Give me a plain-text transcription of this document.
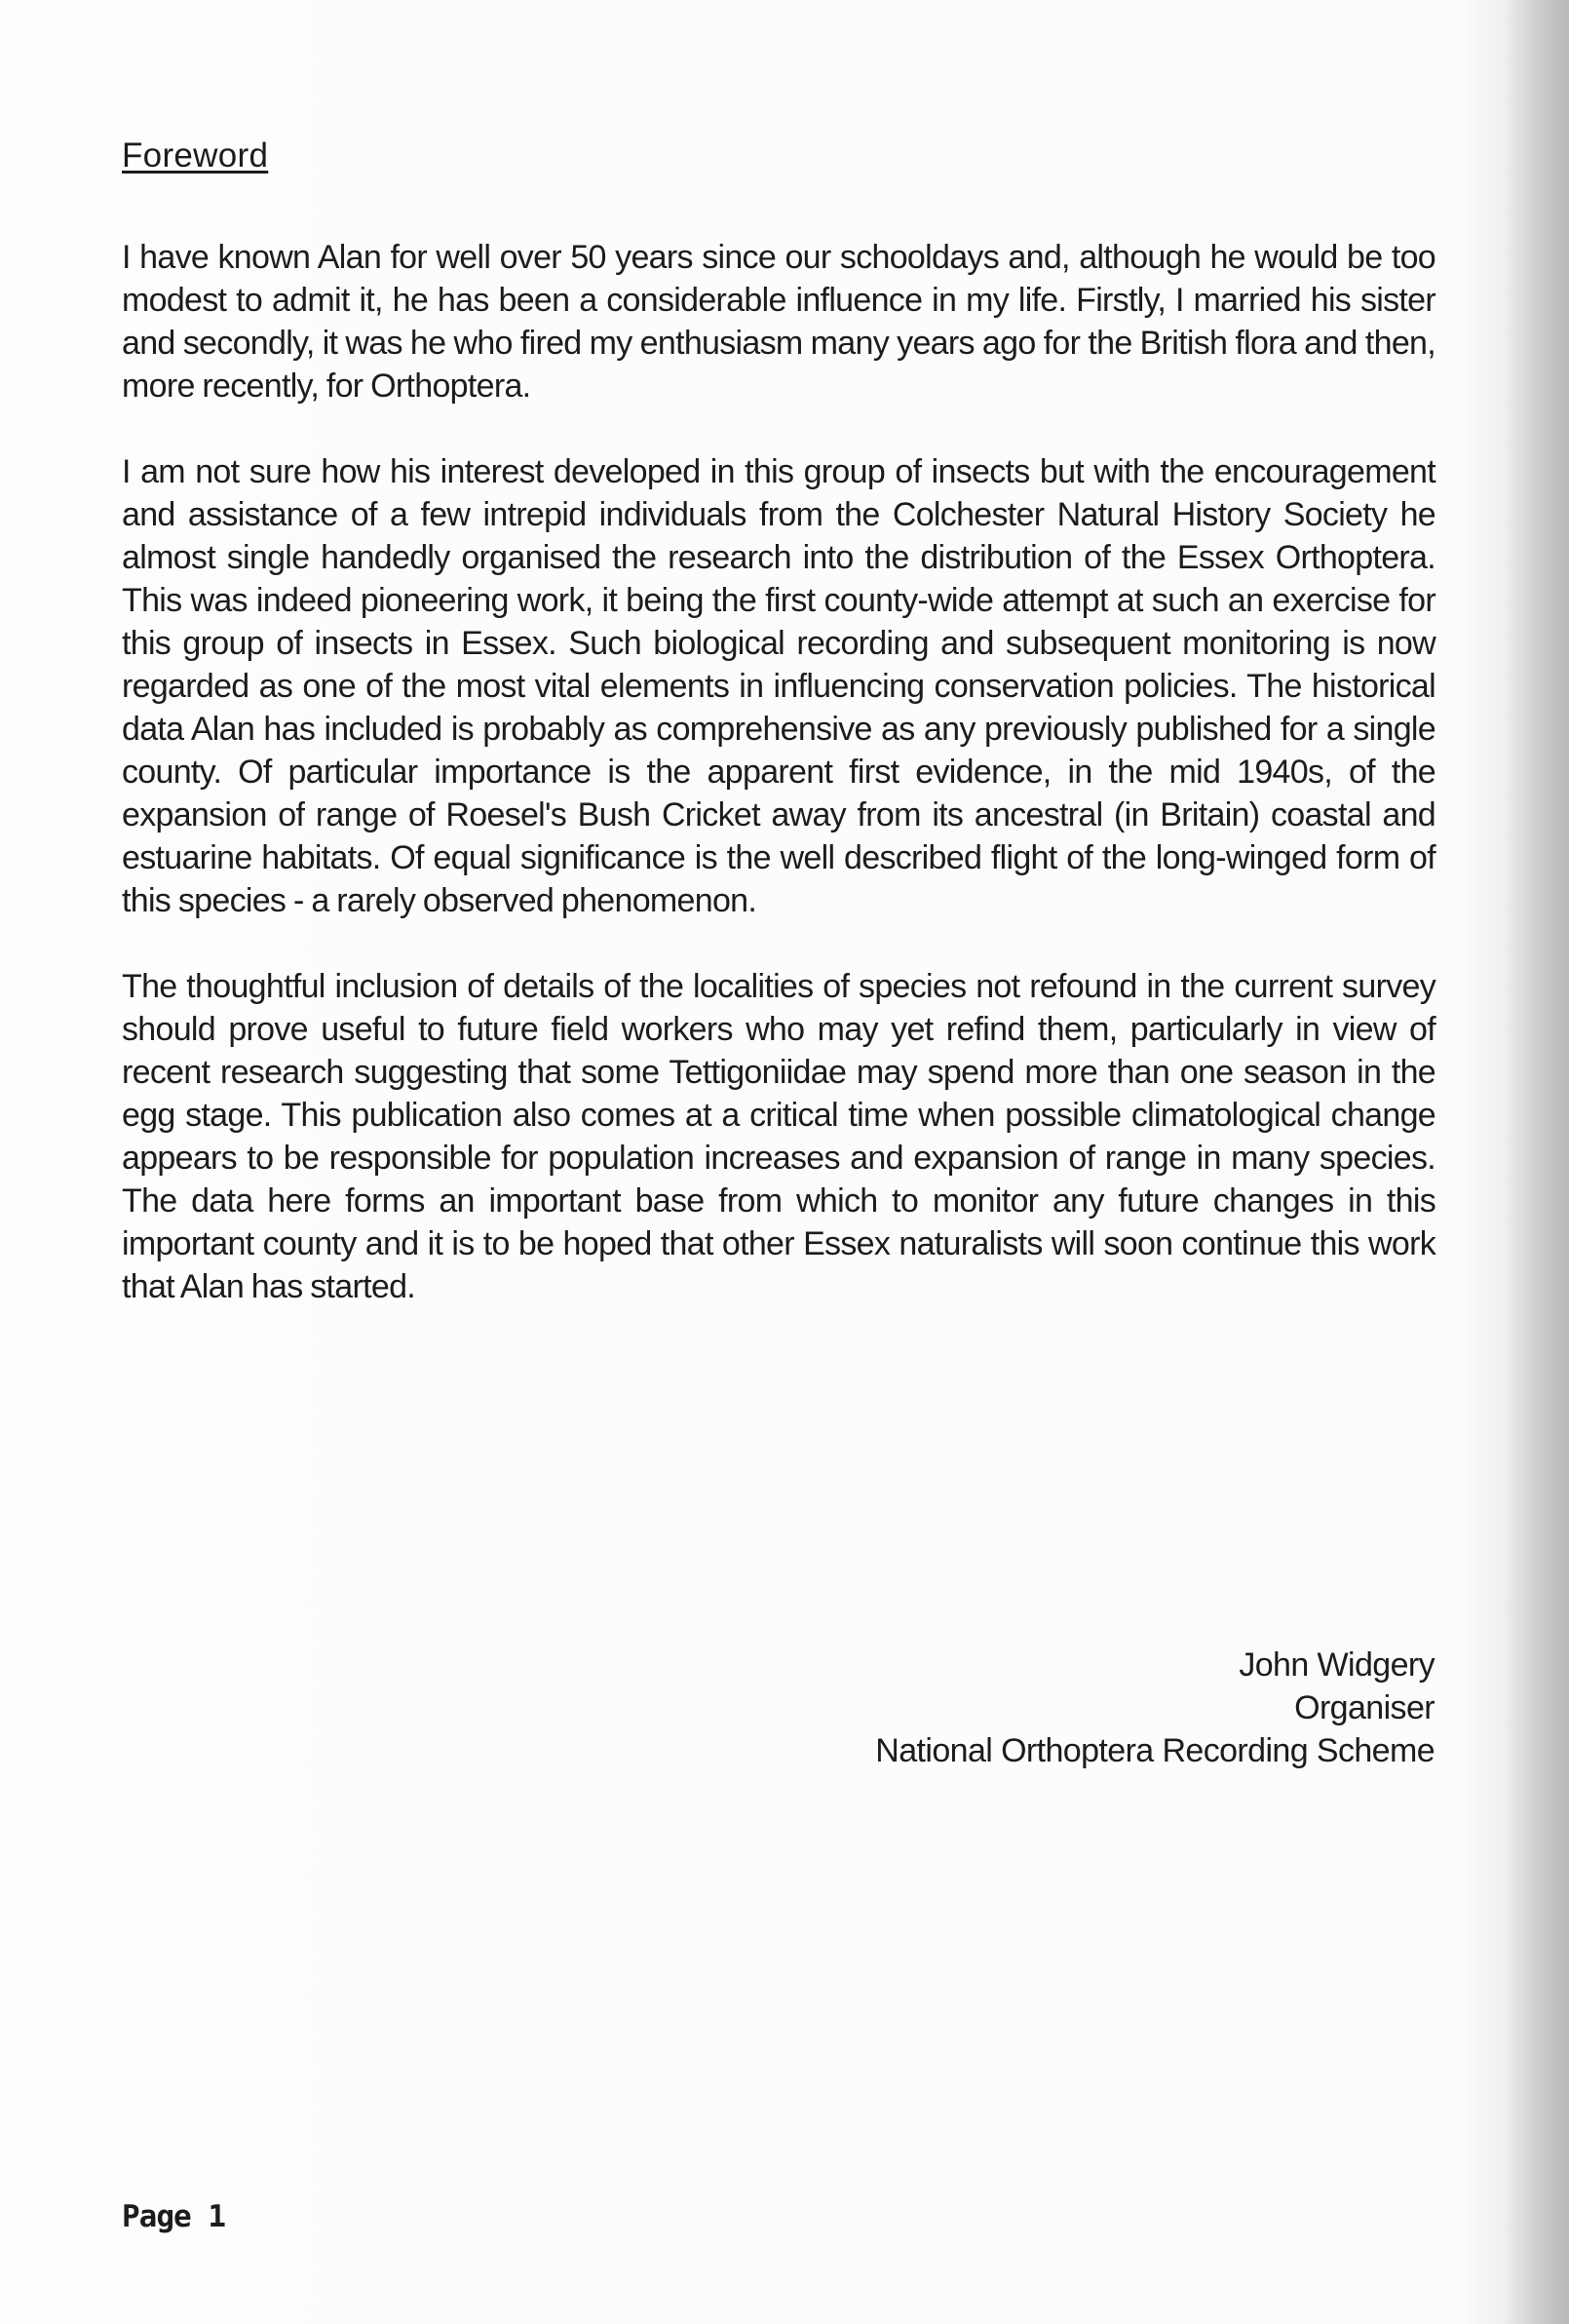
Foreword

I have known Alan for well over 50 years since our schooldays and, although he would be too modest to admit it, he has been a considerable influence in my life. Firstly, I married his sister and secondly, it was he who fired my enthusiasm many years ago for the British flora and then, more recently, for Orthoptera.

I am not sure how his interest developed in this group of insects but with the encouragement and assistance of a few intrepid individuals from the Colchester Natural History Society he almost single handedly organised the research into the distribution of the Essex Orthoptera. This was indeed pioneering work, it being the first county-wide attempt at such an exercise for this group of insects in Essex. Such biological recording and subsequent monitoring is now regarded as one of the most vital elements in influencing conservation policies. The historical data Alan has included is probably as comprehensive as any previously published for a single county. Of particular importance is the apparent first evidence, in the mid 1940s, of the expansion of range of Roesel's Bush Cricket away from its ancestral (in Britain) coastal and estuarine habitats. Of equal significance is the well described flight of the long-winged form of this species - a rarely observed phenomenon.

The thoughtful inclusion of details of the localities of species not refound in the current survey should prove useful to future field workers who may yet refind them, particularly in view of recent research suggesting that some Tettigoniidae may spend more than one season in the egg stage. This publication also comes at a critical time when possible climatological change appears to be responsible for population increases and expansion of range in many species. The data here forms an important base from which to monitor any future changes in this important county and it is to be hoped that other Essex naturalists will soon continue this work that Alan has started.

John Widgery
Organiser
National Orthoptera Recording Scheme
Page 1
